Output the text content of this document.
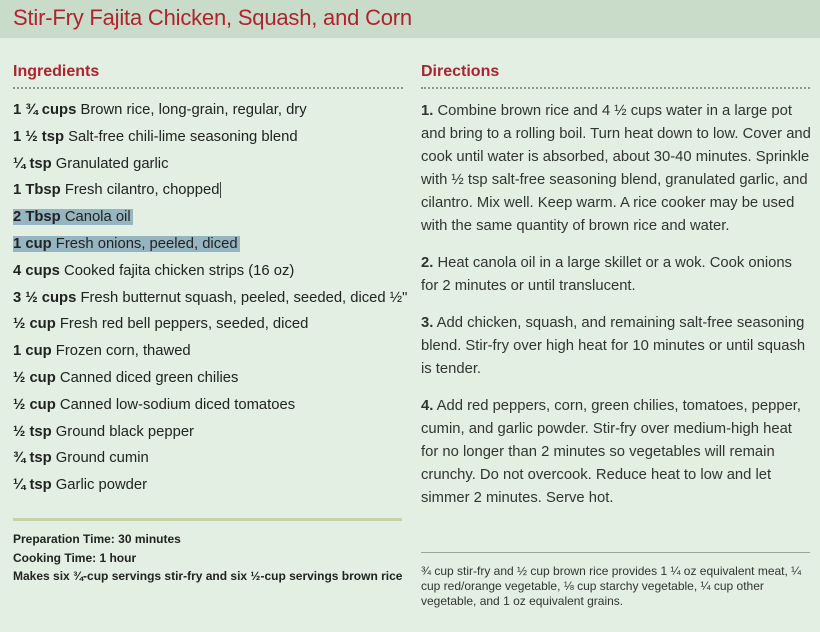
Stir-Fry Fajita Chicken, Squash, and Corn
Ingredients	Directions
1 ¾ cups Brown rice, long-grain, regular, dry
1 ½ tsp Salt-free chili-lime seasoning blend
¼ tsp Granulated garlic
1 Tbsp Fresh cilantro, chopped
2 Tbsp Canola oil
1 cup Fresh onions, peeled, diced
4 cups Cooked fajita chicken strips (16 oz)
3 ½ cups Fresh butternut squash, peeled, seeded, diced ½"
½ cup Fresh red bell peppers, seeded, diced
1 cup Frozen corn, thawed
½ cup Canned diced green chilies
½ cup Canned low-sodium diced tomatoes
½ tsp Ground black pepper
¾ tsp Ground cumin
¼ tsp Garlic powder
Preparation Time: 30 minutes
Cooking Time: 1 hour
Makes six ¾-cup servings stir-fry and six ½-cup servings brown rice

1. Combine brown rice and 4 ½ cups water in a large pot and bring to a rolling boil. Turn heat down to low. Cover and cook until water is absorbed, about 30-40 minutes. Sprinkle with ½ tsp salt-free seasoning blend, granulated garlic, and cilantro. Mix well. Keep warm. A rice cooker may be used with the same quantity of brown rice and water.

2. Heat canola oil in a large skillet or a wok. Cook onions for 2 minutes or until translucent.

3. Add chicken, squash, and remaining salt-free seasoning blend. Stir-fry over high heat for 10 minutes or until squash is tender.

4. Add red peppers, corn, green chilies, tomatoes, pepper, cumin, and garlic powder. Stir-fry over medium-high heat for no longer than 2 minutes so vegetables will remain crunchy. Do not overcook. Reduce heat to low and let simmer 2 minutes. Serve hot.

¾ cup stir-fry and ½ cup brown rice provides 1 ¼ oz equivalent meat, ¼ cup red/orange vegetable, ⅛ cup starchy vegetable, ¼ cup other vegetable, and 1 oz equivalent grains.
